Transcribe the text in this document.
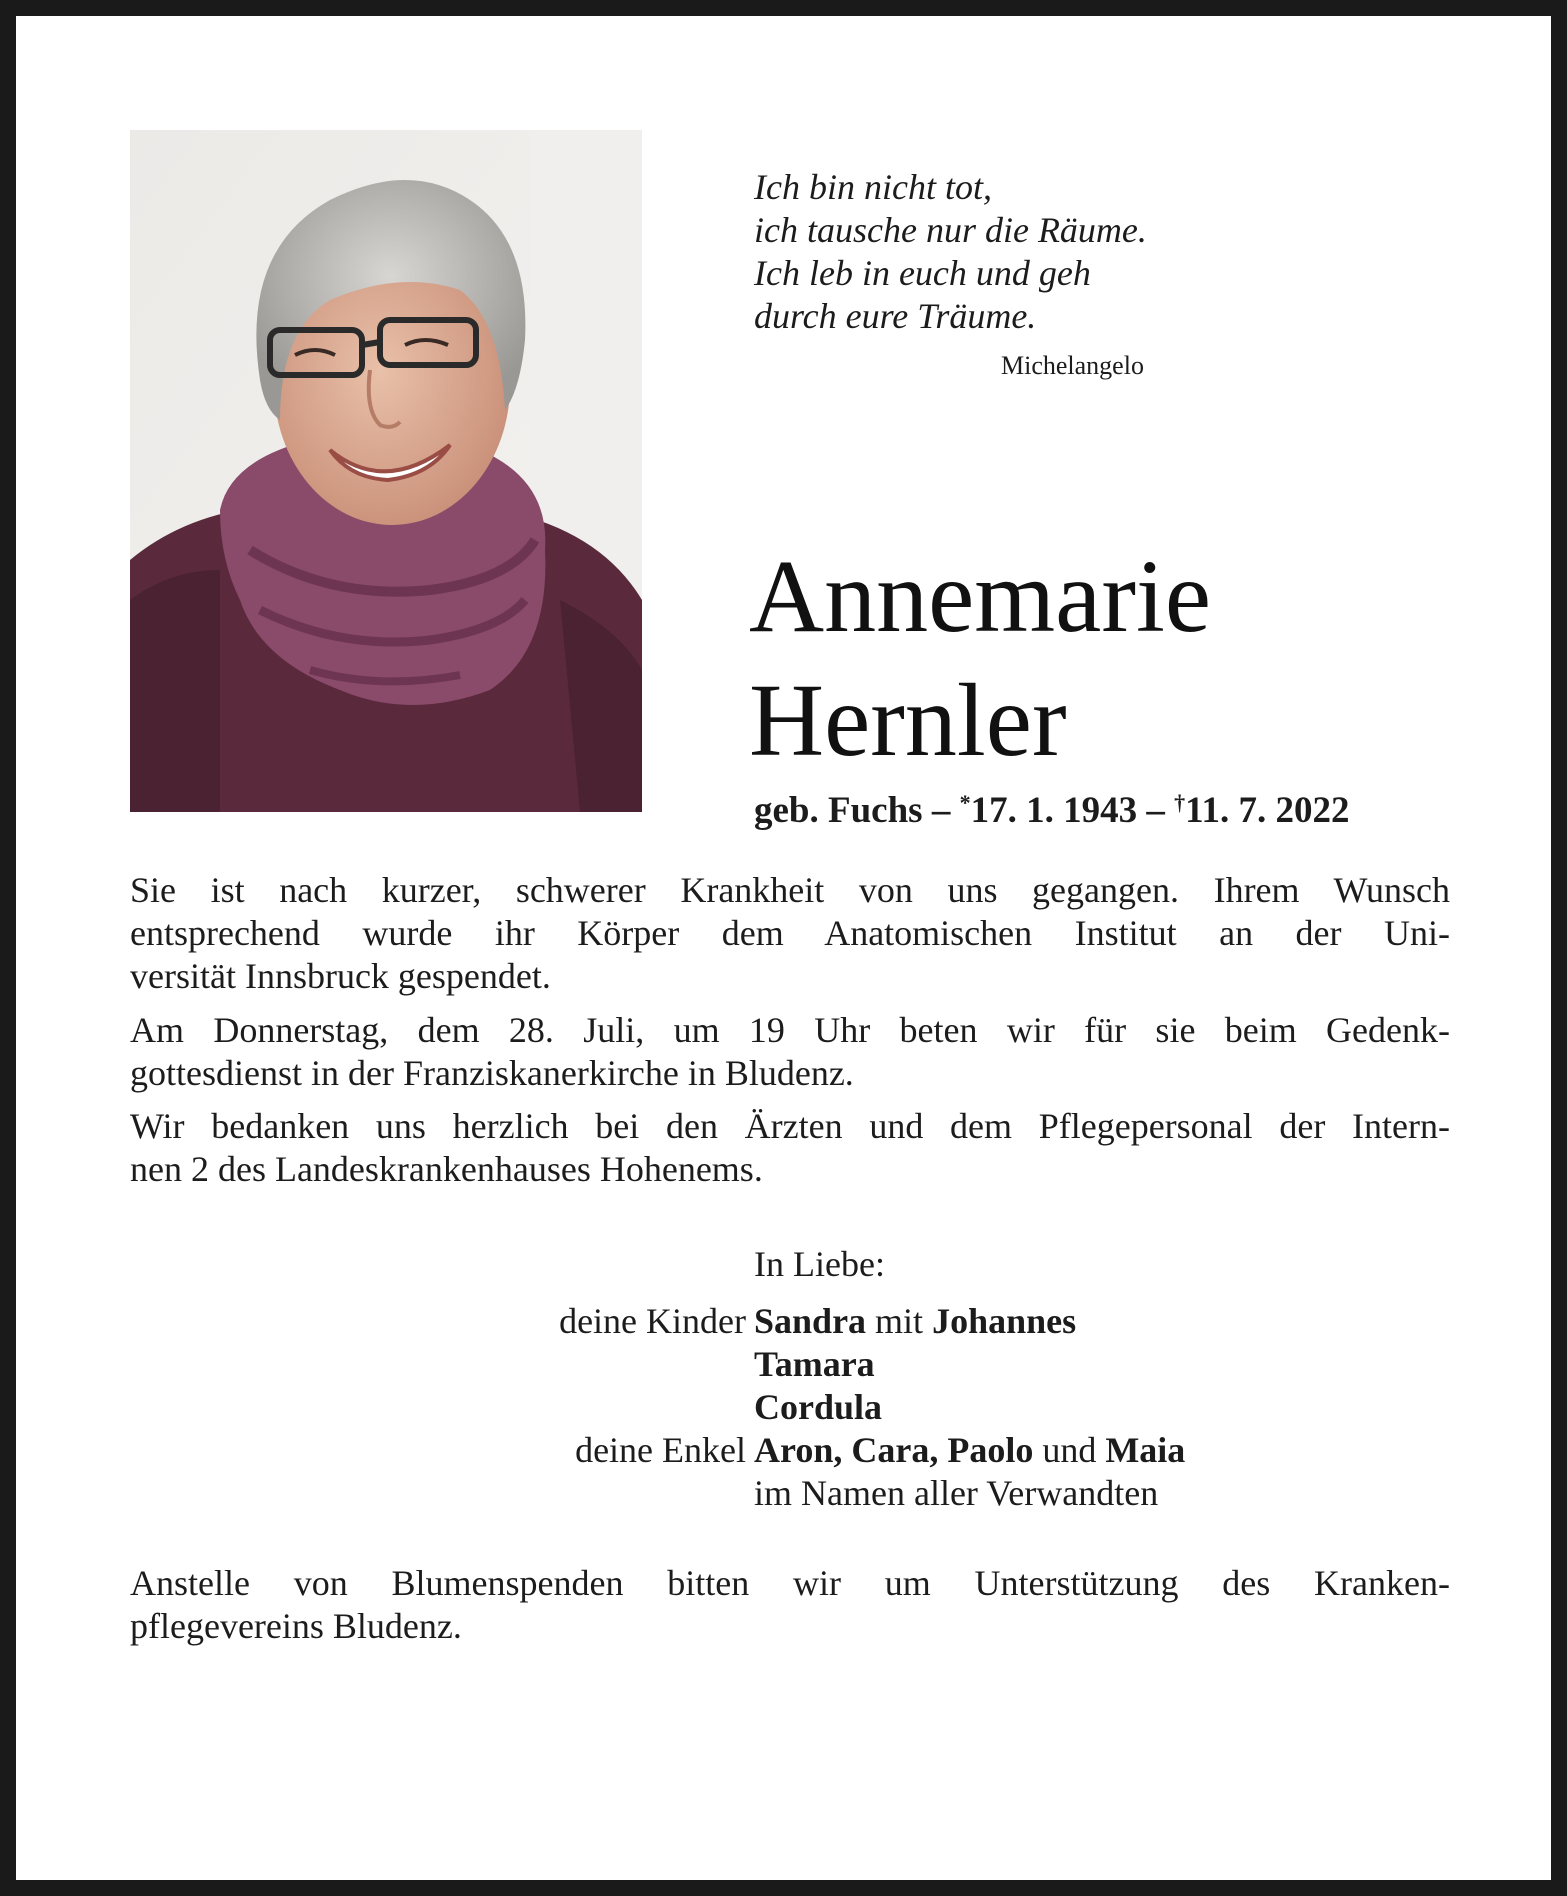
Ich bin nicht tot,
ich tausche nur die Räume.
Ich leb in euch und geh
durch eure Träume.
Michelangelo
Annemarie
Hernler
geb. Fuchs – *17. 1. 1943 – †11. 7. 2022
Sie ist nach kurzer, schwerer Krankheit von uns gegangen. Ihrem Wunsch
entsprechend wurde ihr Körper dem Anatomischen Institut an der Uni-
versität Innsbruck gespendet.
Am Donnerstag, dem 28. Juli, um 19 Uhr beten wir für sie beim Gedenk-
gottesdienst in der Franziskanerkirche in Bludenz.
Wir bedanken uns herzlich bei den Ärzten und dem Pflegepersonal der Intern-
nen 2 des Landeskrankenhauses Hohenems.
In Liebe:
deine Kinder Sandra mit Johannes
Tamara
Cordula
deine Enkel Aron, Cara, Paolo und Maia
im Namen aller Verwandten
Anstelle von Blumenspenden bitten wir um Unterstützung des Kranken-
pflegevereins Bludenz.
